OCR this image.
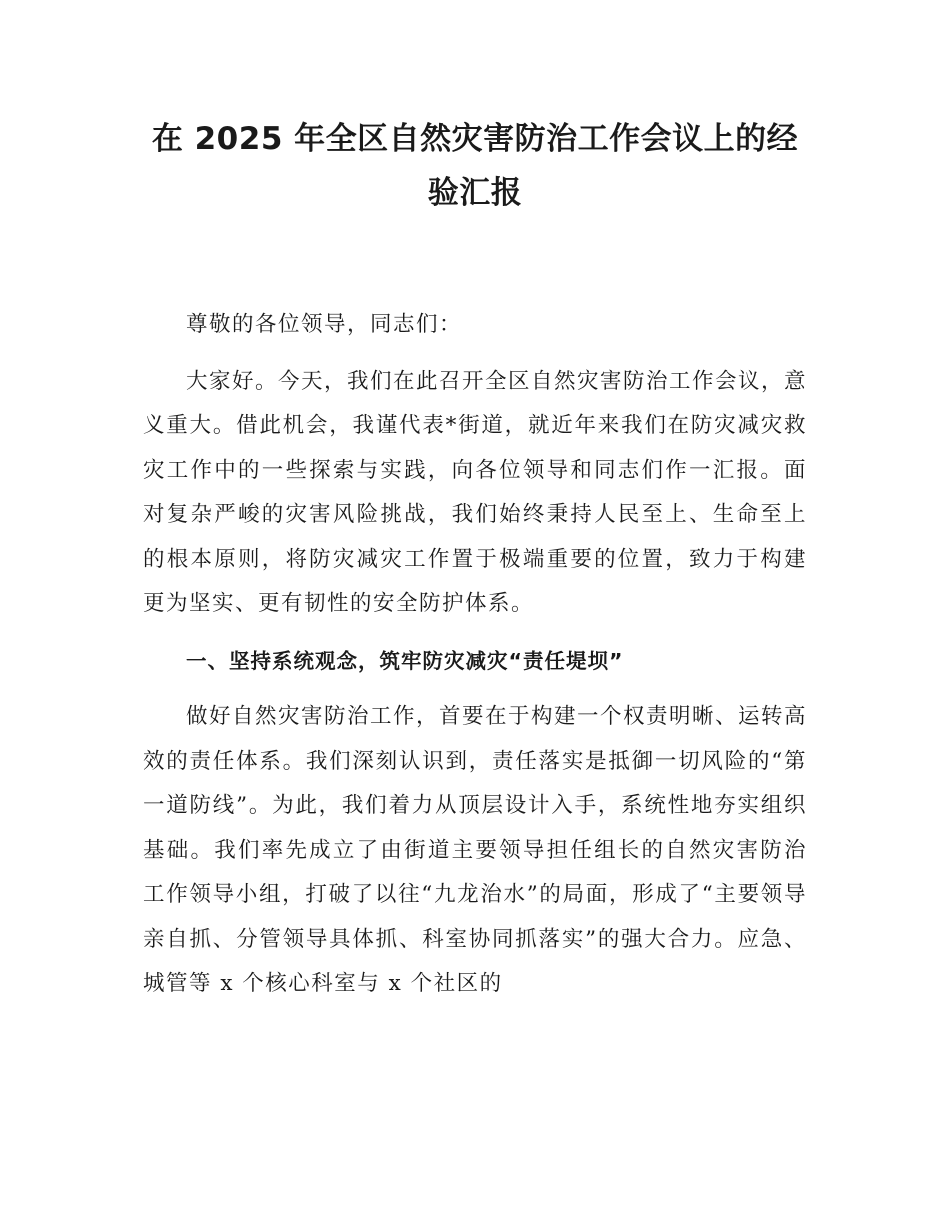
在 2025 年全区自然灾害防治工作会议上的经
验汇报

尊敬的各位领导，同志们：

大家好。今天，我们在此召开全区自然灾害防治工作会议，意义重大。借此机会，我谨代表*街道，就近年来我们在防灾减灾救灾工作中的一些探索与实践，向各位领导和同志们作一汇报。面对复杂严峻的灾害风险挑战，我们始终秉持人民至上、生命至上的根本原则，将防灾减灾工作置于极端重要的位置，致力于构建更为坚实、更有韧性的安全防护体系。

一、坚持系统观念，筑牢防灾减灾“责任堤坝”

做好自然灾害防治工作，首要在于构建一个权责明晰、运转高效的责任体系。我们深刻认识到，责任落实是抵御一切风险的“第一道防线”。为此，我们着力从顶层设计入手，系统性地夯实组织基础。我们率先成立了由街道主要领导担任组长的自然灾害防治工作领导小组，打破了以往“九龙治水”的局面，形成了“主要领导亲自抓、分管领导具体抓、科室协同抓落实”的强大合力。应急、城管等 x 个核心科室与 x 个社区的
